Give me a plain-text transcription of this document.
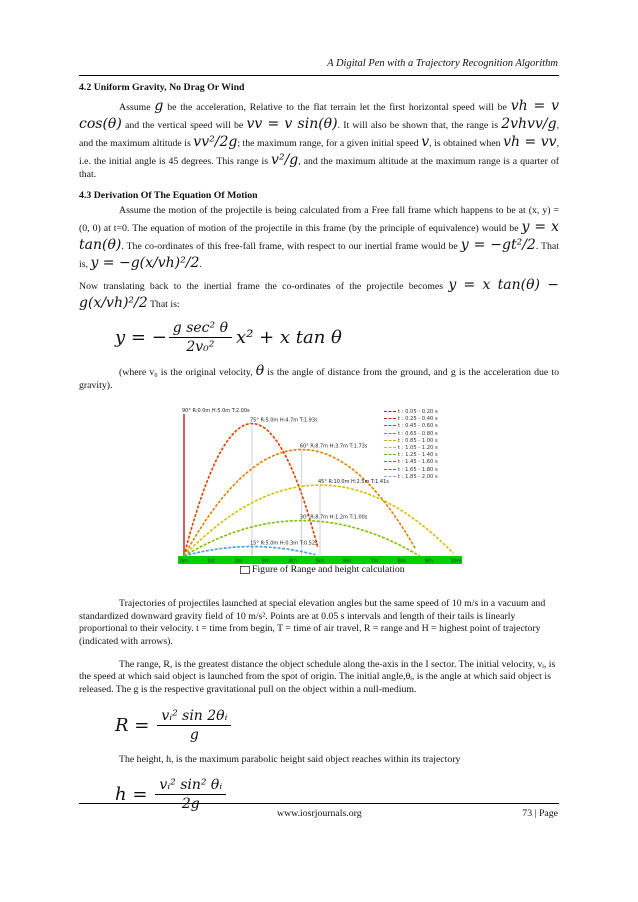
A Digital Pen with a Trajectory Recognition Algorithm
4.2 Uniform Gravity, No Drag Or Wind

Assume g be the acceleration, Relative to the flat terrain let the first horizontal speed will be vh = v cos(θ) and the vertical speed will be vv = v sin(θ). It will also be shown that, the range is 2vhvv/g, and the maximum altitude is vv²/2g; the maximum range, for a given initial speed v, is obtained when vh = vv, i.e. the initial angle is 45 degrees. This range is v²/g, and the maximum altitude at the maximum range is a quarter of that.

4.3 Derivation Of The Equation Of Motion

Assume the motion of the projectile is being calculated from a Free fall frame which happens to be at (x, y) = (0, 0) at t=0. The equation of motion of the projectile in this frame (by the principle of equivalence) would be y = x tan(θ). The co-ordinates of this free-fall frame, with respect to our inertial frame would be y = −gt²/2. That is, y = −g(x/vh)²/2.

Now translating back to the inertial frame the co-ordinates of the projectile becomes y = x tan(θ) − g(x/vh)²/2 That is:

y = − $\frac{\text{g sec² θ}}{\text{2v₀²}} x^2 + x$ tan θ

(where v₀ is the original velocity, θ is the angle of distance from the ground, and g is the acceleration due to gravity).

0m	1m	2m	3m	4m	5m	6m	7m	8m	9m	10m
90° R:0.0m H:5.0m T:2.00s
75° R:5.0m H:4.7m T:1.93s
60° R:8.7m H:3.7m T:1.73s
45° R:10.0m H:2.5m T:1.41s
30° R:8.7m H:1.2m T:1.00s
15° R:5.0m H:0.3m T:0.52s
t : 0.05 - 0.20 s
t : 0.25 - 0.40 s
t : 0.45 - 0.60 s
t : 0.65 - 0.80 s
t : 0.85 - 1.00 s
t : 1.05 - 1.20 s
t : 1.25 - 1.40 s
t : 1.45 - 1.60 s
t : 1.65 - 1.80 s
t : 1.85 - 2.00 s
Figure of Range and height calculation

Trajectories of projectiles launched at special elevation angles but the same speed of 10 m/s in a vacuum and standardized downward gravity field of 10 m/s². Points are at 0.05 s intervals and length of their tails is linearly proportional to their velocity. t = time from begin, T = time of air travel, R = range and H = highest point of trajectory (indicated with arrows).

The range, R, is the greatest distance the object schedule along the-axis in the I sector. The initial velocity, vᵢ, is the speed at which said object is launched from the spot of origin. The initial angle,θᵢ, is the angle at which said object is released. The g is the respective gravitational pull on the object within a null-medium.

$R = \frac{\text{vᵢ² sin 2θᵢ}}{g}$

The height, h, is the maximum parabolic height said object reaches within its trajectory

$h = \frac{\text{vᵢ² sin² θᵢ}}{2g}$	www.iosrjournals.org	73 | Page
